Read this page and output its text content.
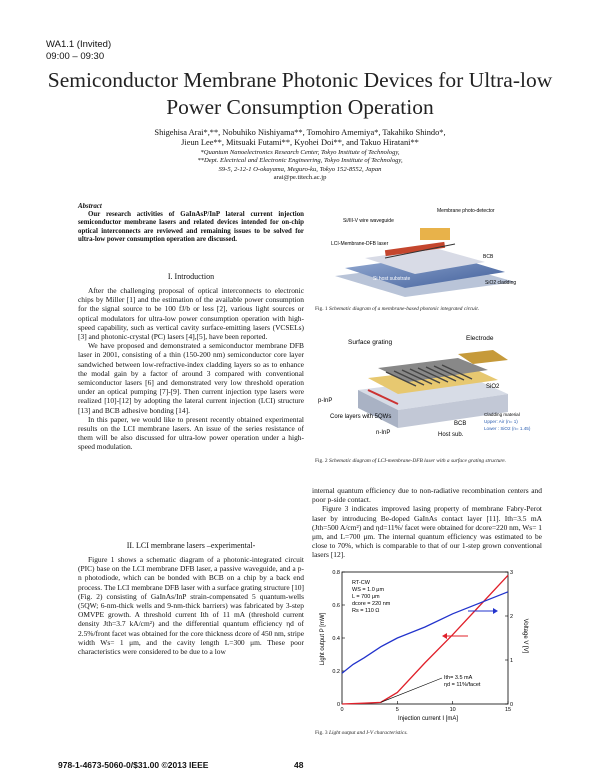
WA1.1 (Invited)
09:00 – 09:30
Semiconductor Membrane Photonic Devices for Ultra-low Power Consumption Operation
Shigehisa Arai*,**, Nobuhiko Nishiyama**, Tomohiro Amemiya*, Takahiko Shindo*,
Jieun Lee**, Mitsuaki Futami**, Kyohei Doi**, and Takuo Hiratani**
*Quantum Nanoelectronics Research Center, Tokyo Institute of Technology,
**Dept. Electrical and Electronic Engineering, Tokyo Institute of Technology,
S9-5, 2-12-1 O-okayama, Meguro-ku, Tokyo 152-8552, Japan
arai@pe.titech.ac.jp
Abstract
Our research activities of GaInAsP/InP lateral current injection semiconductor membrane lasers and related devices intended for on-chip optical interconnects are reviewed and remaining issues to be solved for ultra-low power consumption operation are discussed.
I. Introduction

After the challenging proposal of optical interconnects to electronic chips by Miller [1] and the estimation of the available power consumption for the signal source to be 100 fJ/b or less [2], various light sources or optical modulators for ultra-low power consumption operation with high-speed capability, such as vertical cavity surface-emitting lasers (VCSELs) [3] and photonic-crystal (PC) lasers [4],[5], have been reported.

We have proposed and demonstrated a semiconductor membrane DFB laser in 2001, consisting of a thin (150-200 nm) semiconductor core layer sandwiched between low-refractive-index cladding layers so as to enhance the modal gain by a factor of around 3 compared with conventional semiconductor lasers [6] and demonstrated very low threshold operation under an optical pumping [7]-[9]. Then current injection type lasers were realized [10]-[12] by adopting the lateral current injection (LCI) structure [13] and BCB adhesive bonding [14].

In this paper, we would like to present recently obtained experimental results on the LCI membrane lasers. An issue of the series resistance of them will be also discussed for ultra-low power operation under a high-speed modulation.

II. LCI membrane lasers –experimental-

Figure 1 shows a schematic diagram of a photonic-integrated circuit (PIC) base on the LCI membrane DFB laser, a passive waveguide, and a p-n photodiode, which can be bonded with BCB on a chip by a back end process. The LCI membrane DFB laser with a surface grating structure [10] (Fig. 2) consisting of GaInAs/InP strain-compensated 5 quantum-wells (5QW; 6-nm-thick wells and 9-nm-thick barriers) was fabricated by 3-step OMVPE growth. A threshold current Ith of 11 mA (threshold current density Jth=3.7 kA/cm²) and the differential quantum efficiency ηd of 2.5%/front facet was obtained for the core thickness dcore of 450 nm, stripe width Ws= 1 μm, and the cavity length L=300 μm. These poor characteristics were considered to be due to a low

Membrane photo-detector
Si/III-V wire waveguide
LCI-Membrane-DFB laser
BCB
Si host substrate
SiO2 cladding
Fig. 1 Schematic diagram of a membrane-based photonic integrated circuit.
Surface grating
Electrode
SiO2
p-InP
Core layers with 5QWs
n-InP
BCB
Host sub.
Cladding material
Upper: Air (n= 1)
Lower : SiO2 (n= 1.45)
Fig. 2 Schematic diagram of LCI-membrane-DFB laser with a surface grating structure.

internal quantum efficiency due to non-radiative recombination centers and poor p-side contact.

Figure 3 indicates improved lasing property of membrane Fabry-Perot laser by introducing Be-doped GaInAs contact layer [11]. Ith=3.5 mA (Jth=500 A/cm²) and ηd=11%/ facet were obtained for dcore=220 nm, Ws= 1 μm, and L=700 μm. The internal quantum efficiency was estimated to be close to 70%, which is comparable to that of our 1-step grown conventional lasers [12].

Light output P [mW]	Voltage V [V]
Injection current I [mA]
0	5	10	15
0
0.2
0.4
0.6
0.8
0
1
2
3
RT-CW
WS = 1.0 μm
L = 700 μm
dcore = 220 nm
Rs = 110 Ω
Ith= 3.5 mA
ηd = 11%/facet
Fig. 3 Light output and I-V characteristics.
978-1-4673-5060-0/$31.00 ©2013 IEEE	48
